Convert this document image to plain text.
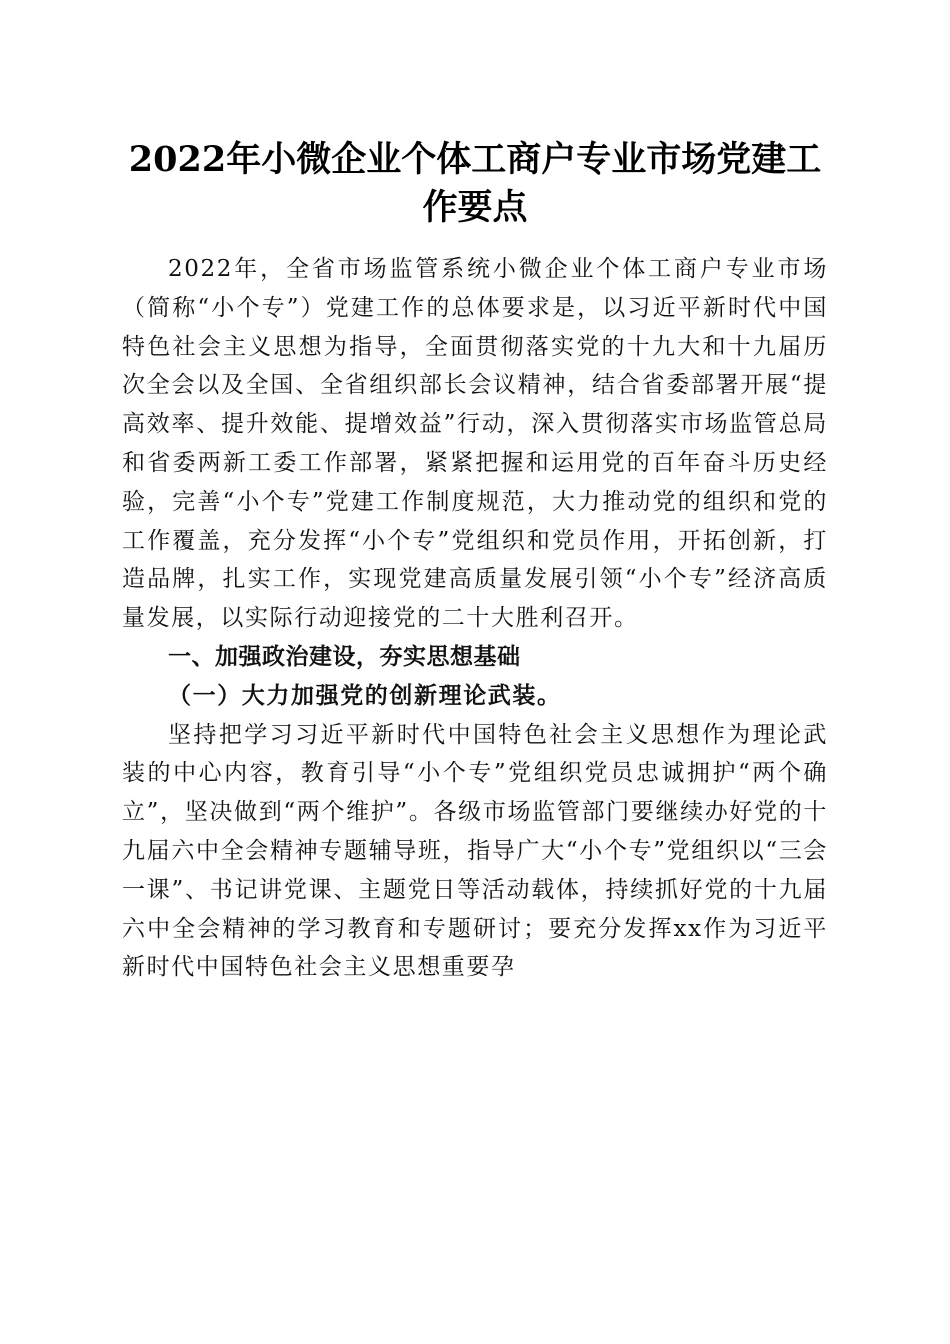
2022年小微企业个体工商户专业市场党建工作要点

2022年，全省市场监管系统小微企业个体工商户专业市场（简称“小个专”）党建工作的总体要求是，以习近平新时代中国特色社会主义思想为指导，全面贯彻落实党的十九大和十九届历次全会以及全国、全省组织部长会议精神，结合省委部署开展“提高效率、提升效能、提增效益”行动，深入贯彻落实市场监管总局和省委两新工委工作部署，紧紧把握和运用党的百年奋斗历史经验，完善“小个专”党建工作制度规范，大力推动党的组织和党的工作覆盖，充分发挥“小个专”党组织和党员作用，开拓创新，打造品牌，扎实工作，实现党建高质量发展引领“小个专”经济高质量发展，以实际行动迎接党的二十大胜利召开。

一、加强政治建设，夯实思想基础

（一）大力加强党的创新理论武装。

坚持把学习习近平新时代中国特色社会主义思想作为理论武装的中心内容，教育引导“小个专”党组织党员忠诚拥护“两个确立”，坚决做到“两个维护”。各级市场监管部门要继续办好党的十九届六中全会精神专题辅导班，指导广大“小个专”党组织以“三会一课”、书记讲党课、主题党日等活动载体，持续抓好党的十九届六中全会精神的学习教育和专题研讨；要充分发挥xx作为习近平新时代中国特色社会主义思想重要孕
